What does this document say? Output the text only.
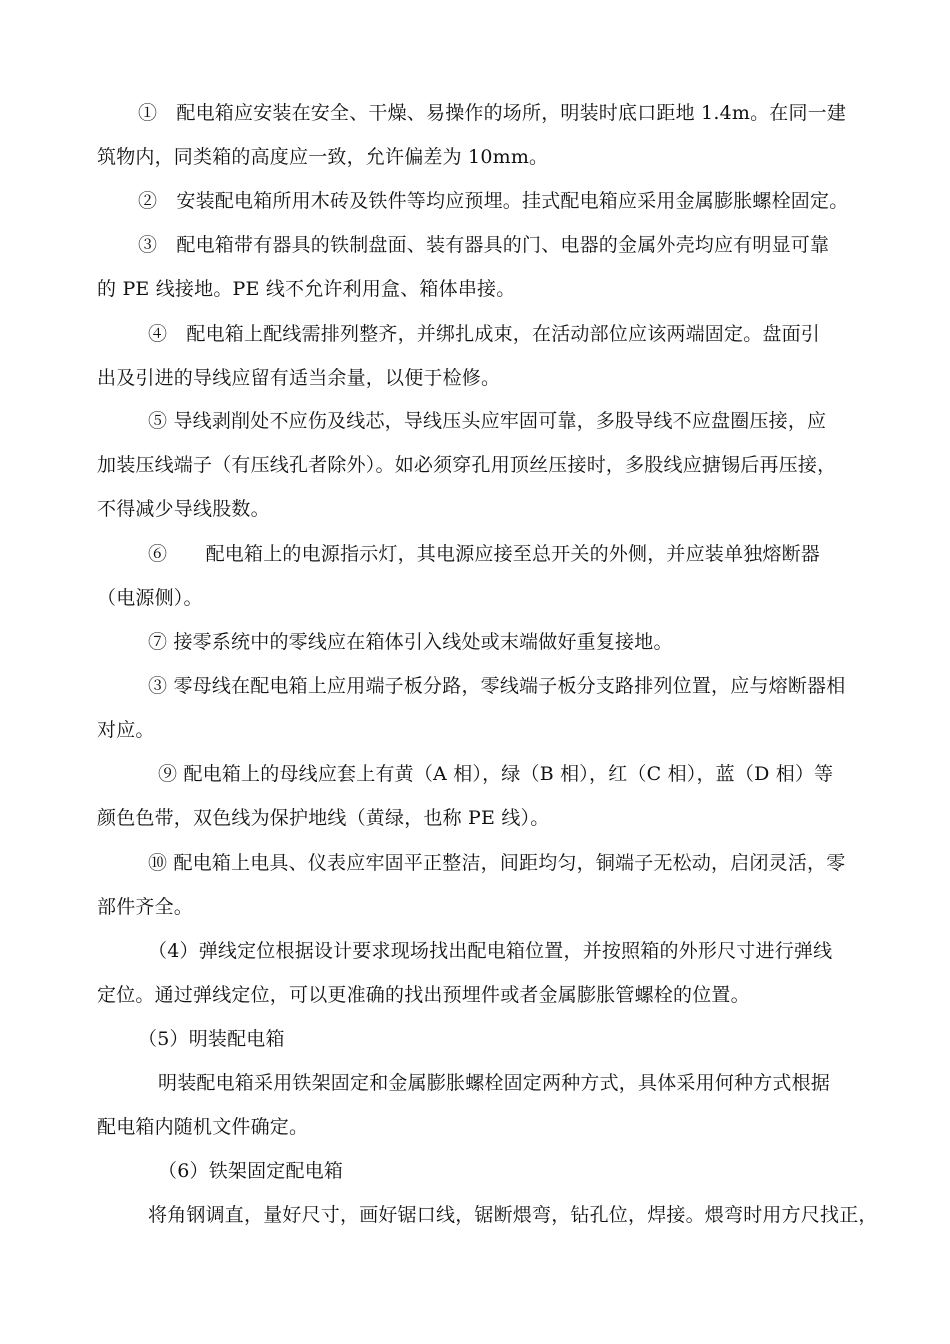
①　配电箱应安装在安全、干燥、易操作的场所，明装时底口距地 1.4m。在同一建
筑物内，同类箱的高度应一致，允许偏差为 10mm。
②　安装配电箱所用木砖及铁件等均应预埋。挂式配电箱应采用金属膨胀螺栓固定。
③　配电箱带有器具的铁制盘面、装有器具的门、电器的金属外壳均应有明显可靠
的 PE 线接地。PE 线不允许利用盒、箱体串接。
④　配电箱上配线需排列整齐，并绑扎成束，在活动部位应该两端固定。盘面引
出及引进的导线应留有适当余量，以便于检修。
⑤ 导线剥削处不应伤及线芯，导线压头应牢固可靠，多股导线不应盘圈压接，应
加装压线端子（有压线孔者除外）。如必须穿孔用顶丝压接时，多股线应搪锡后再压接，
不得减少导线股数。
⑥　　配电箱上的电源指示灯，其电源应接至总开关的外侧，并应装单独熔断器
（电源侧）。
⑦ 接零系统中的零线应在箱体引入线处或末端做好重复接地。
③ 零母线在配电箱上应用端子板分路，零线端子板分支路排列位置，应与熔断器相
对应。
⑨ 配电箱上的母线应套上有黄（A 相），绿（B 相），红（C 相），蓝（D 相）等
颜色色带，双色线为保护地线（黄绿，也称 PE 线）。
⑩ 配电箱上电具、仪表应牢固平正整洁，间距均匀，铜端子无松动，启闭灵活，零
部件齐全。
（4）弹线定位根据设计要求现场找出配电箱位置，并按照箱的外形尺寸进行弹线
定位。通过弹线定位，可以更准确的找出预埋件或者金属膨胀管螺栓的位置。
（5）明装配电箱
明装配电箱采用铁架固定和金属膨胀螺栓固定两种方式，具体采用何种方式根据
配电箱内随机文件确定。
（6）铁架固定配电箱
将角钢调直，量好尺寸，画好锯口线，锯断煨弯，钻孔位，焊接。煨弯时用方尺找正，
